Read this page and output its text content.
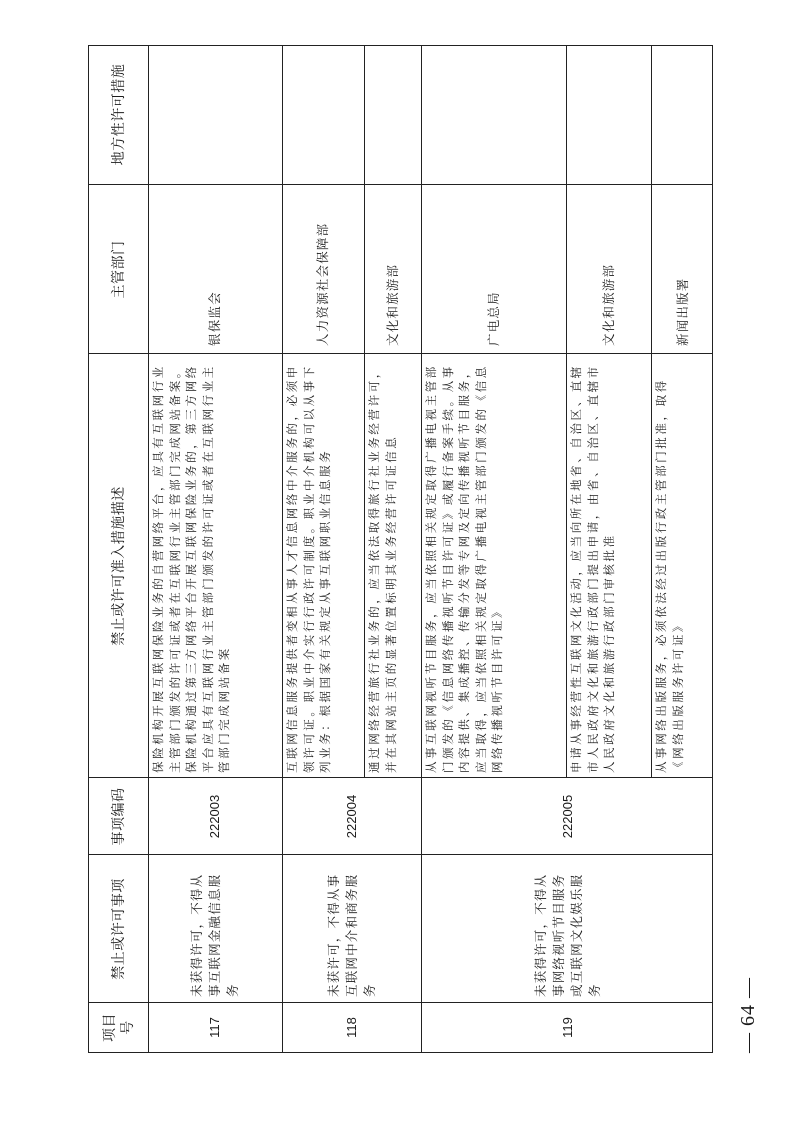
项目号
禁止或许可事项
事项编码
禁止或许可准入措施描述
主管部门
地方性许可措施
117
未获得许可，不得从事互联网金融信息服务
222003
保险机构开展互联网保险业务的自营网络平台，应具有互联网行业主管部门颁发的许可证或者在互联网行业主管部门完成网站备案。保险机构通过第三方网络平台开展互联网保险业务的，第三方网络平台应具有互联网行业主管部门颁发的许可证或者在互联网行业主管部门完成网站备案
银保监会
118
未获许可，不得从事互联网中介和商务服务
222004
互联网信息服务提供者变相从事人才信息网络中介服务的，必须申领许可证。职业中介实行行政许可制度。职业中介机构可以从事下列业务：根据国家有关规定从事互联网职业信息服务
人力资源社会保障部
通过网络经营旅行社业务的，应当依法取得旅行社业务经营许可，并在其网站主页的显著位置标明其业务经营许可证信息
文化和旅游部
119
未获得许可，不得从事网络视听节目服务或互联网文化娱乐服务
222005
从事互联网视听节目服务，应当依照相关规定取得广播电视主管部门颁发的《信息网络传播视听节目许可证》或履行备案手续。从事内容提供、集成播控、传输分发等专网及定向传播视听节目服务，应当取得，应当依照相关规定取得广播电视主管部门颁发的《信息网络传播视听节目许可证》
广电总局
申请从事经营性互联网文化活动，应当向所在地省、自治区、直辖市人民政府文化和旅游行政部门提出申请，由省、自治区、直辖市人民政府文化和旅游行政部门审核批准
文化和旅游部
从事网络出版服务，必须依法经过出版行政主管部门批准，取得《网络出版服务许可证》
新闻出版署
— 64 —
